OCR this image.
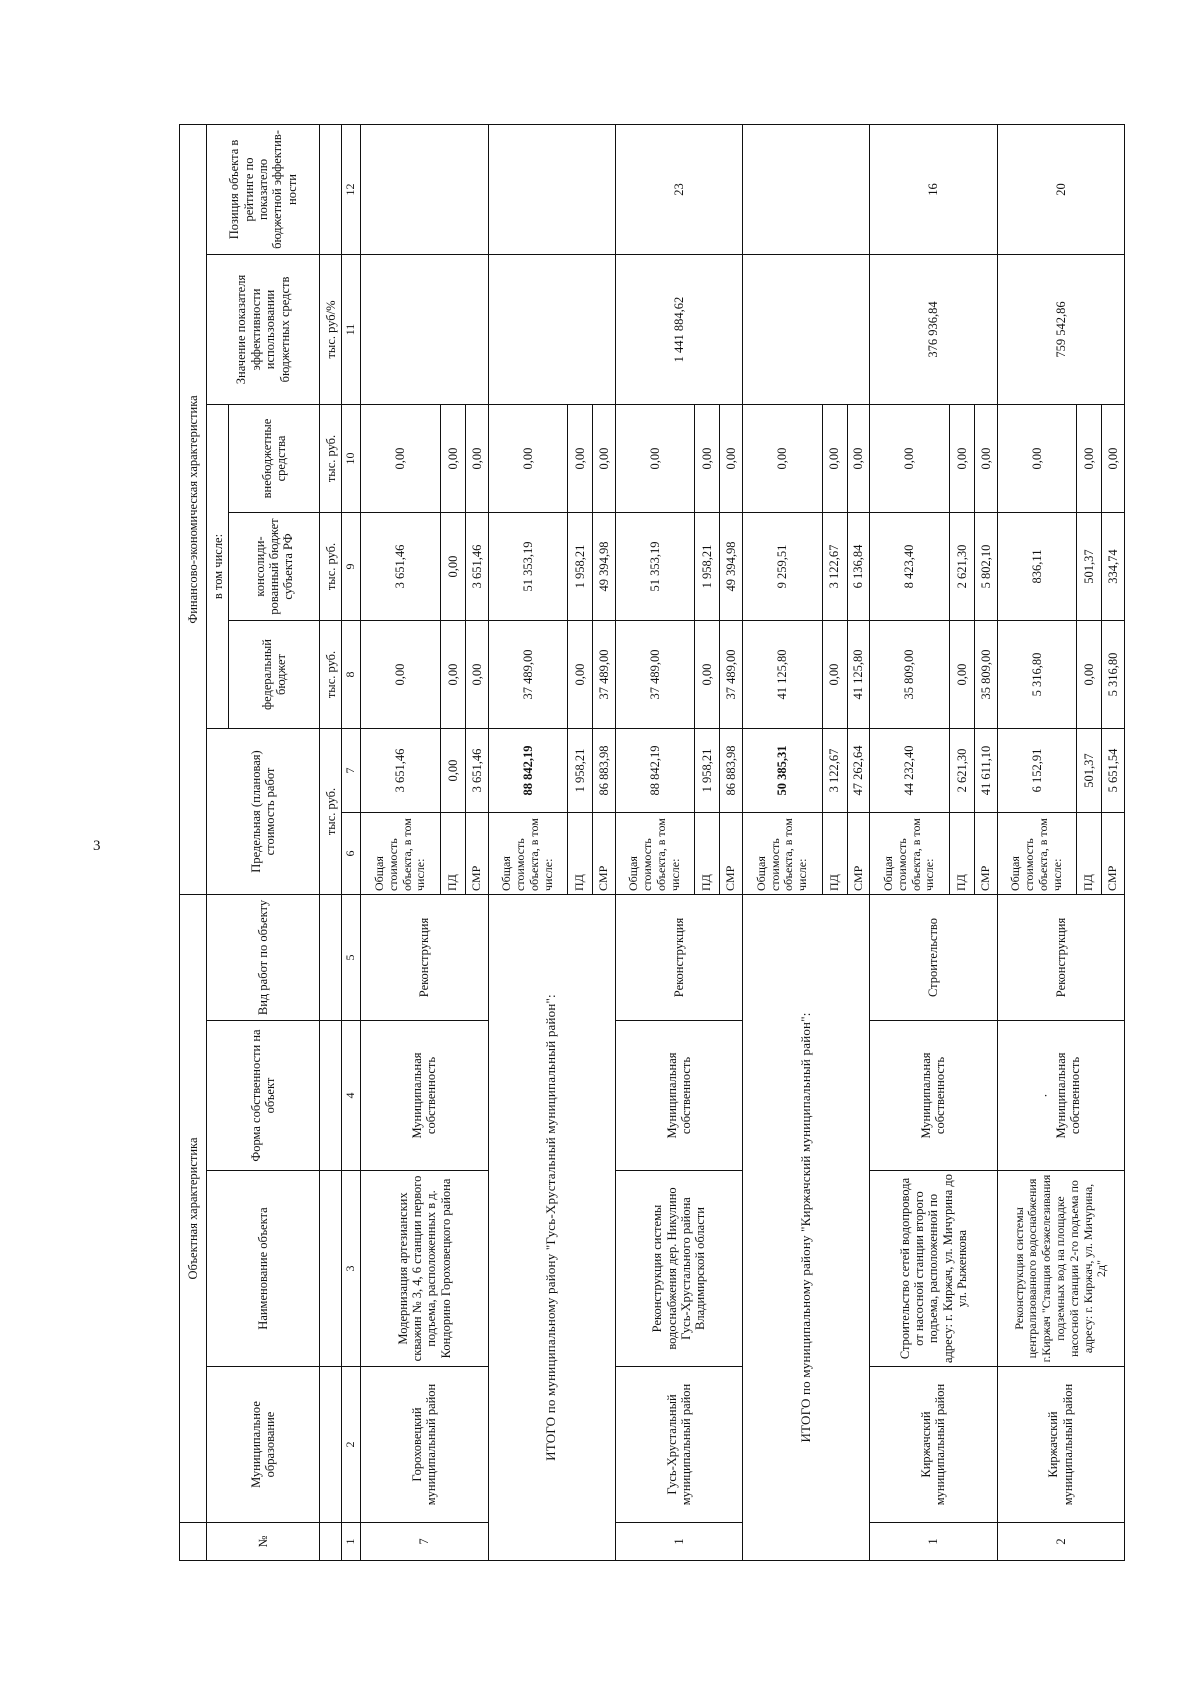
3
	Объектная характеристика				Финансово-экономическая характеристика						
№	Муниципальное образование	Наименование объекта	Форма собственности на объект	Вид работ по объекту	Предельная (плановая) стоимость работ		в том числе:			Значение показателя эффективности использовании бюджетных средств	Позиция объекта в рейтинге по показателю бюджетной эффектив-ности
							федеральный бюджет	консолиди-рованный бюджет субъекта РФ	внебюджетные средства		
					тыс. руб.		тыс. руб.	тыс. руб.	тыс. руб.	тыс. руб/%	
1	2	3	4	5	6	7	8	9	10	11	12
7	Гороховецкий муниципальный район	Модернизация артезианских скважин № 3, 4, 6 станции первого подъема, расположенных в д. Кондорино Гороховецкого района	Муниципальная собственность	Реконструкция	Общая стоимость объекта, в том числе:	3 651,46	0,00	3 651,46	0,00		
					ПД	0,00	0,00	0,00	0,00		
					СМР	3 651,46	0,00	3 651,46	0,00		
ИТОГО по муниципальному району "Гусь-Хрустальный муниципальный район":					Общая стоимость объекта, в том числе:	88 842,19	37 489,00	51 353,19	0,00		
					ПД	1 958,21	0,00	1 958,21	0,00		
					СМР	86 883,98	37 489,00	49 394,98	0,00		
1	Гусь-Хрустальный муниципальный район	Реконструкция системы водоснабжения дер. Никулино Гусь-Хрустального района Владимирской области	Муниципальная собственность	Реконструкция	Общая стоимость объекта, в том числе:	88 842,19	37 489,00	51 353,19	0,00	1 441 884,62	23
					ПД	1 958,21	0,00	1 958,21	0,00		
					СМР	86 883,98	37 489,00	49 394,98	0,00		
ИТОГО по муниципальному району "Киржачский муниципальный район":					Общая стоимость объекта, в том числе:	50 385,31	41 125,80	9 259,51	0,00		
					ПД	3 122,67	0,00	3 122,67	0,00		
					СМР	47 262,64	41 125,80	6 136,84	0,00		
1	Киржачский муниципальный район	Строительство сетей водопровода от насосной станции второго подъема, расположенной по адресу: г. Киржач, ул. Мичурина до ул. Рыженкова	Муниципальная собственность	Строительство	Общая стоимость объекта, в том числе:	44 232,40	35 809,00	8 423,40	0,00	376 936,84	16
					ПД	2 621,30	0,00	2 621,30	0,00		
					СМР	41 611,10	35 809,00	5 802,10	0,00		
2	Киржачский муниципальный район	Реконструкция системы централизованного водоснабжения г.Киржач "Станция обезжелезивания подземных вод на площадке насосной станции 2-го подъема по адресу: г. Киржач, ул. Мичурина, 2д"	· Муниципальная собственность	Реконструкция	Общая стоимость объекта, в том числе:	6 152,91	5 316,80	836,11	0,00	759 542,86	20
					ПД	501,37	0,00	501,37	0,00		
					СМР	5 651,54	5 316,80	334,74	0,00		
